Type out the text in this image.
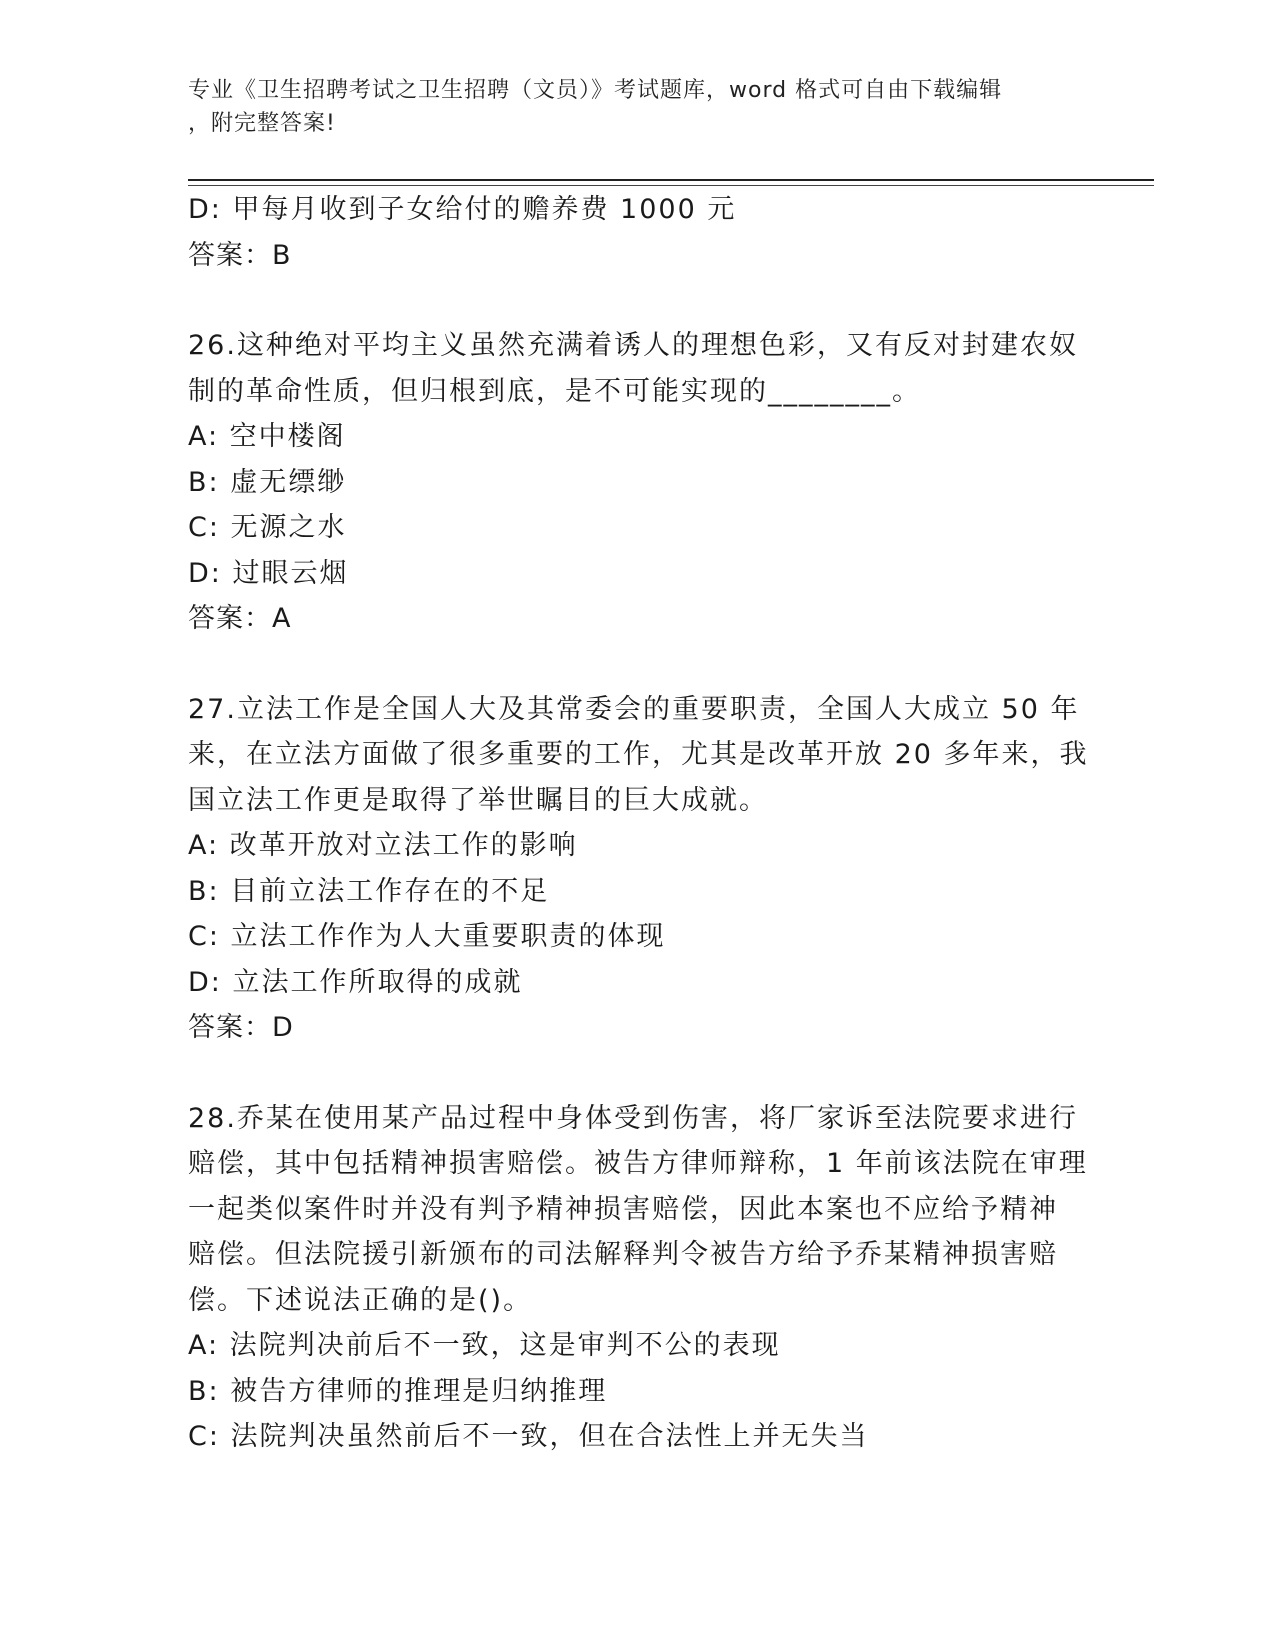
专业《卫生招聘考试之卫生招聘（文员）》考试题库，word 格式可自由下载编辑
，附完整答案!
D: 甲每月收到子女给付的赡养费 1000 元
答案：B
26.这种绝对平均主义虽然充满着诱人的理想色彩，又有反对封建农奴
制的革命性质，但归根到底，是不可能实现的________。
A: 空中楼阁
B: 虚无缥缈
C: 无源之水
D: 过眼云烟
答案：A
27.立法工作是全国人大及其常委会的重要职责，全国人大成立 50 年
来，在立法方面做了很多重要的工作，尤其是改革开放 20 多年来，我
国立法工作更是取得了举世瞩目的巨大成就。
A: 改革开放对立法工作的影响
B: 目前立法工作存在的不足
C: 立法工作作为人大重要职责的体现
D: 立法工作所取得的成就
答案：D
28.乔某在使用某产品过程中身体受到伤害，将厂家诉至法院要求进行
赔偿，其中包括精神损害赔偿。被告方律师辩称，1 年前该法院在审理
一起类似案件时并没有判予精神损害赔偿，因此本案也不应给予精神
赔偿。但法院援引新颁布的司法解释判令被告方给予乔某精神损害赔
偿。下述说法正确的是()。
A: 法院判决前后不一致，这是审判不公的表现
B: 被告方律师的推理是归纳推理
C: 法院判决虽然前后不一致，但在合法性上并无失当
